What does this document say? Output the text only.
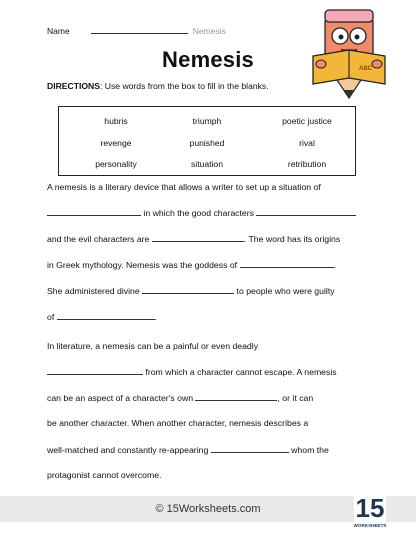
Name	Nemesis
Nemesis	ABC
DIRECTIONS: Use words from the box to fill in the blanks.
hubris	triumph	poetic justice
revenge	punished	rival
personality	situation	retribution
A nemesis is a literary device that allows a writer to set up a situation of
in which the good characters
and the evil characters are	. The word has its origins
in Greek mythology. Nemesis was the goddess of	.
She administered divine	to people who were guilty
of	.
In literature, a nemesis can be a painful or even deadly
from which a character cannot escape. A nemesis
can be an aspect of a character's own	, or it can
be another character. When another character, nemesis describes a
well-matched and constantly re-appearing	whom the
protagonist cannot overcome.
© 15Worksheets.com	15
WORKSHEETS
